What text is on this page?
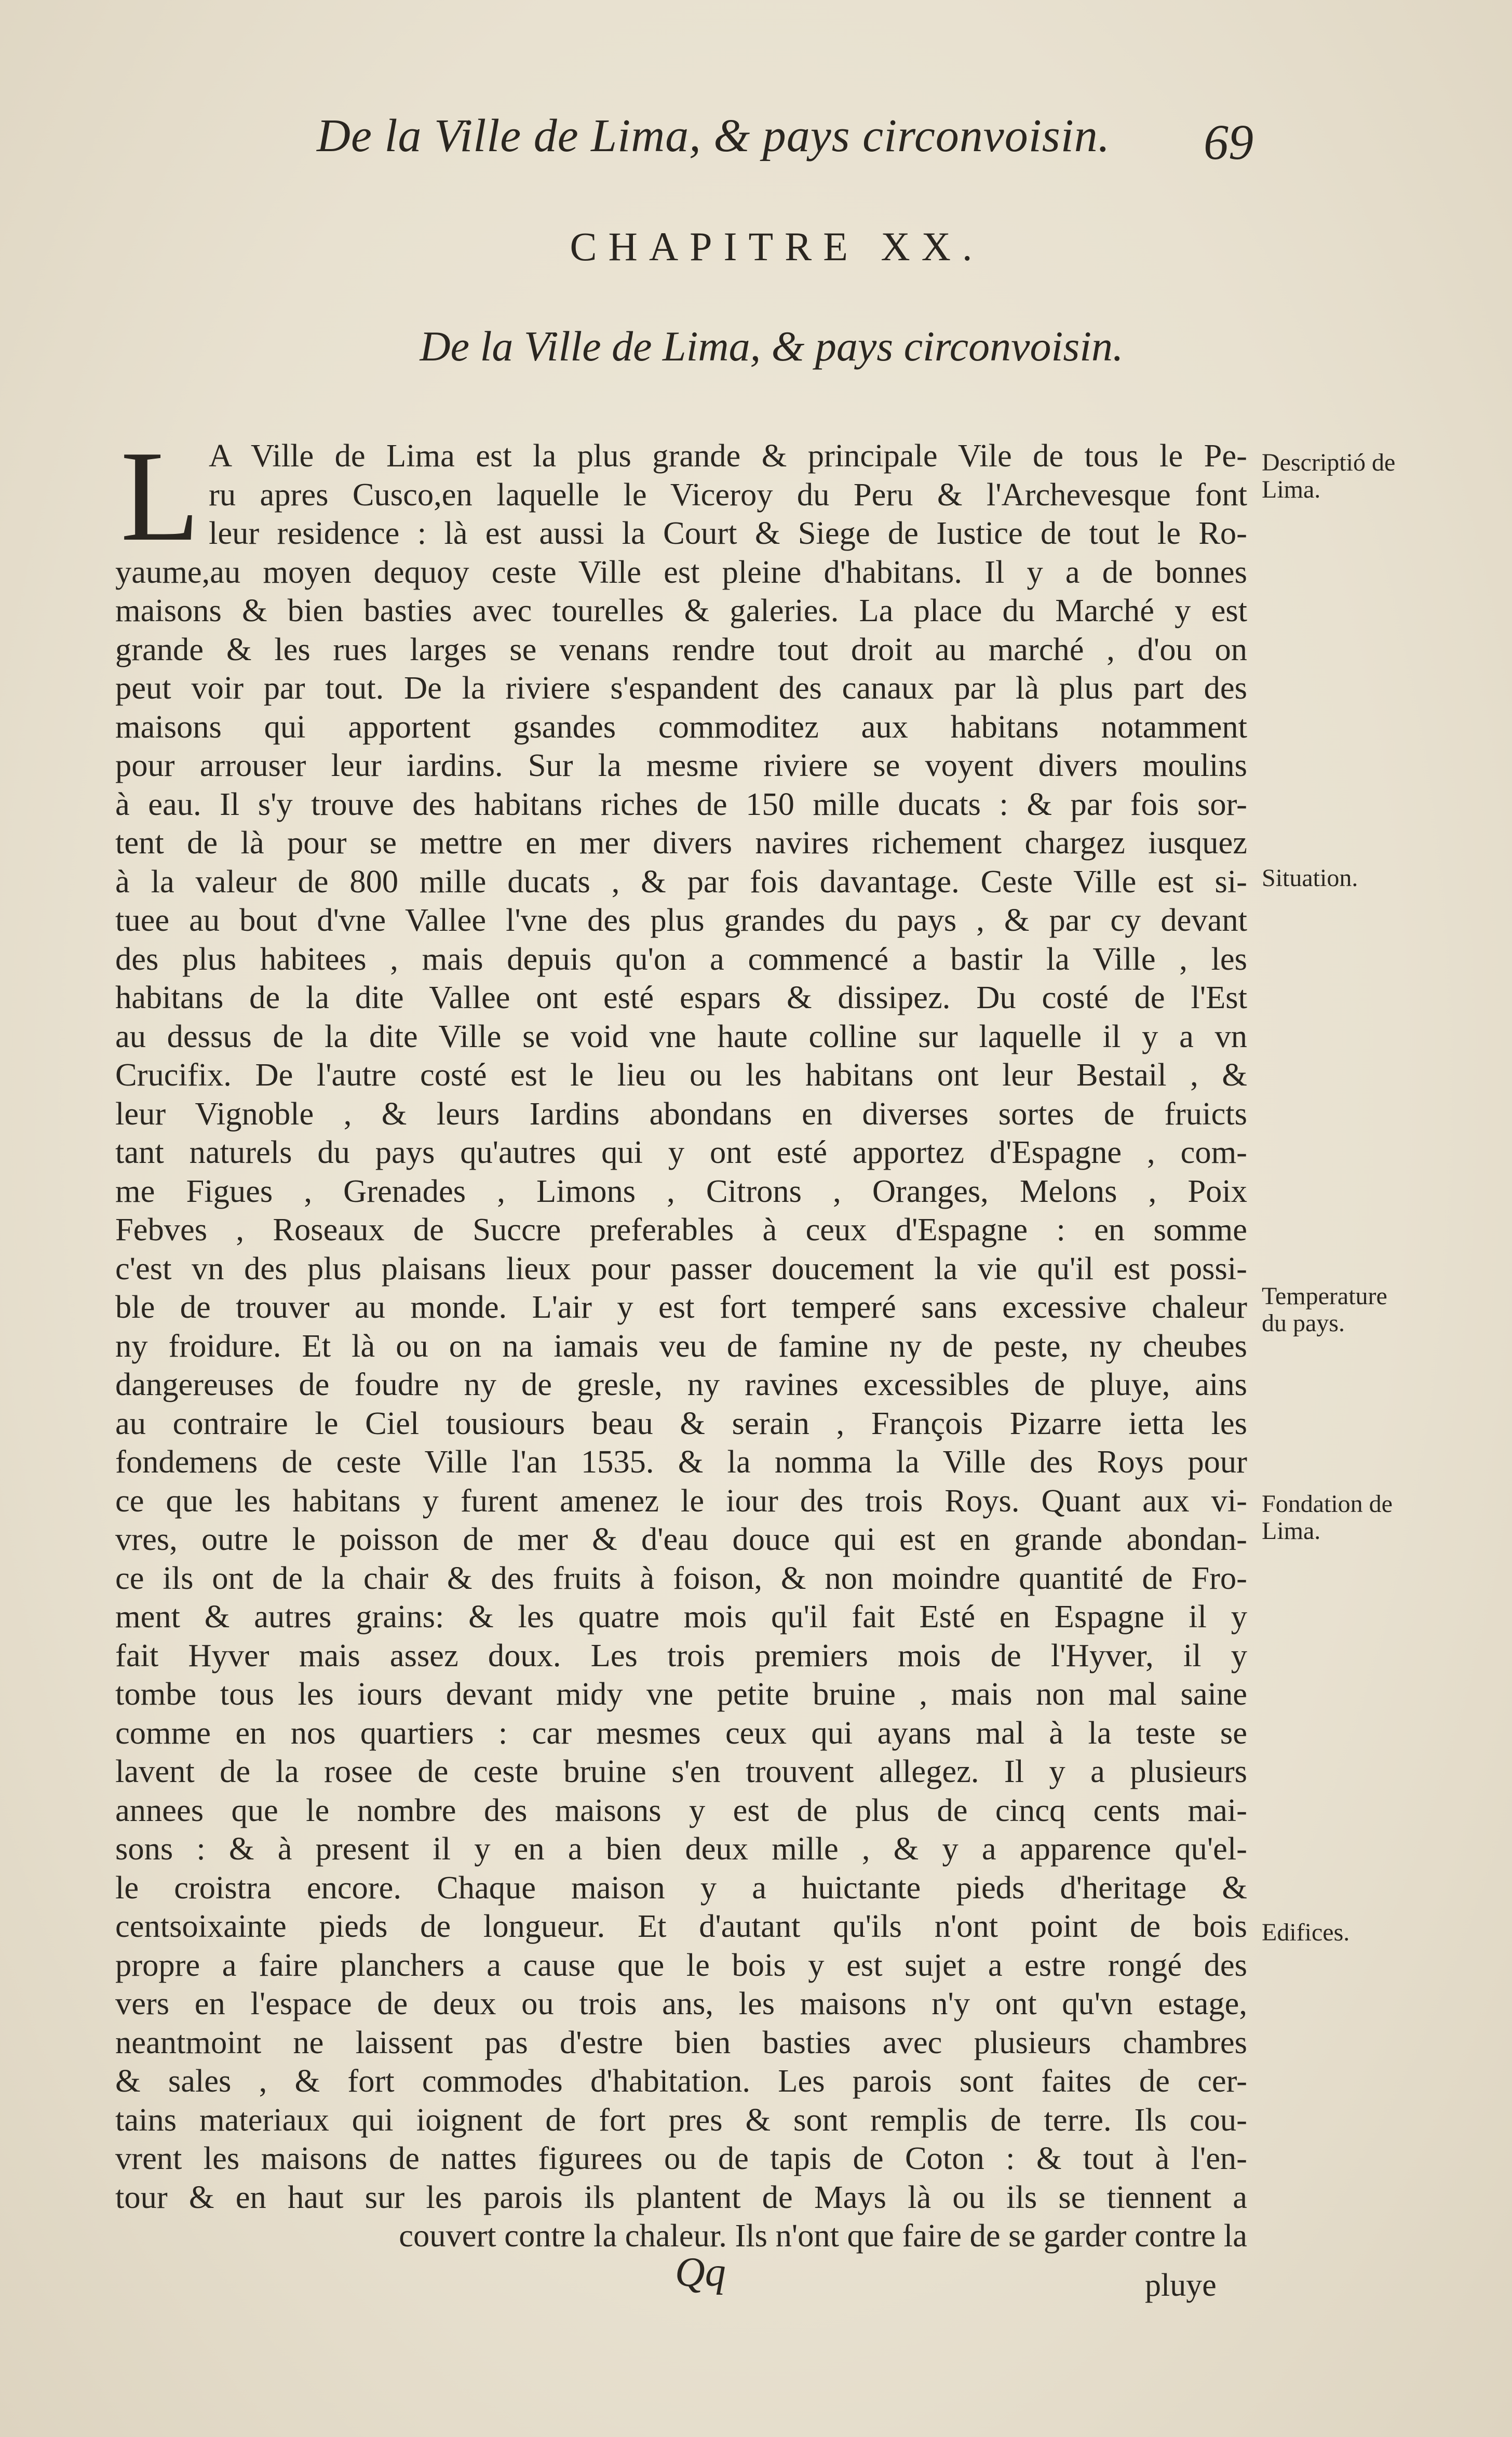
De la Ville de Lima, & pays circonvoisin. 69
CHAPITRE XX.
De la Ville de Lima, & pays circonvoisin.
L A Ville de Lima est la plus grande & principale Vile de tous le Pe-
ru apres Cusco,en laquelle le Viceroy du Peru & l'Archevesque font
leur residence : là est aussi la Court & Siege de Iustice de tout le Ro-
yaume,au moyen dequoy ceste Ville est pleine d'habitans. Il y a de bonnes
maisons & bien basties avec tourelles & galeries. La place du Marché y est
grande & les rues larges se venans rendre tout droit au marché , d'ou on
peut voir par tout. De la riviere s'espandent des canaux par là plus part des
maisons qui apportent gsandes commoditez aux habitans notamment
pour arrouser leur iardins. Sur la mesme riviere se voyent divers moulins
à eau. Il s'y trouve des habitans riches de 150 mille ducats : & par fois sor-
tent de là pour se mettre en mer divers navires richement chargez iusquez
à la valeur de 800 mille ducats , & par fois davantage. Ceste Ville est si-
tuee au bout d'vne Vallee l'vne des plus grandes du pays , & par cy devant
des plus habitees , mais depuis qu'on a commencé a bastir la Ville , les
habitans de la dite Vallee ont esté espars & dissipez. Du costé de l'Est
au dessus de la dite Ville se void vne haute colline sur laquelle il y a vn
Crucifix. De l'autre costé est le lieu ou les habitans ont leur Bestail , &
leur Vignoble , & leurs Iardins abondans en diverses sortes de fruicts
tant naturels du pays qu'autres qui y ont esté apportez d'Espagne , com-
me Figues , Grenades , Limons , Citrons , Oranges, Melons , Poix
Febves , Roseaux de Succre preferables à ceux d'Espagne : en somme
c'est vn des plus plaisans lieux pour passer doucement la vie qu'il est possi-
ble de trouver au monde. L'air y est fort temperé sans excessive chaleur
ny froidure. Et là ou on na iamais veu de famine ny de peste, ny cheubes
dangereuses de foudre ny de gresle, ny ravines excessibles de pluye, ains
au contraire le Ciel tousiours beau & serain , François Pizarre ietta les
fondemens de ceste Ville l'an 1535. & la nomma la Ville des Roys pour
ce que les habitans y furent amenez le iour des trois Roys. Quant aux vi-
vres, outre le poisson de mer & d'eau douce qui est en grande abondan-
ce ils ont de la chair & des fruits à foison, & non moindre quantité de Fro-
ment & autres grains: & les quatre mois qu'il fait Esté en Espagne il y
fait Hyver mais assez doux. Les trois premiers mois de l'Hyver, il y
tombe tous les iours devant midy vne petite bruine , mais non mal saine
comme en nos quartiers : car mesmes ceux qui ayans mal à la teste se
lavent de la rosee de ceste bruine s'en trouvent allegez. Il y a plusieurs
annees que le nombre des maisons y est de plus de cincq cents mai-
sons : & à present il y en a bien deux mille , & y a apparence qu'el-
le croistra encore. Chaque maison y a huictante pieds d'heritage &
centsoixainte pieds de longueur. Et d'autant qu'ils n'ont point de bois
propre a faire planchers a cause que le bois y est sujet a estre rongé des
vers en l'espace de deux ou trois ans, les maisons n'y ont qu'vn estage,
neantmoint ne laissent pas d'estre bien basties avec plusieurs chambres
& sales , & fort commodes d'habitation. Les parois sont faites de cer-
tains materiaux qui ioignent de fort pres & sont remplis de terre. Ils cou-
vrent les maisons de nattes figurees ou de tapis de Coton : & tout à l'en-
tour & en haut sur les parois ils plantent de Mays là ou ils se tiennent a
couvert contre la chaleur. Ils n'ont que faire de se garder contre la
Descriptió de Lima.
Situation.
Temperature du pays.
Fondation de Lima.
Edifices.
Qq	pluye
